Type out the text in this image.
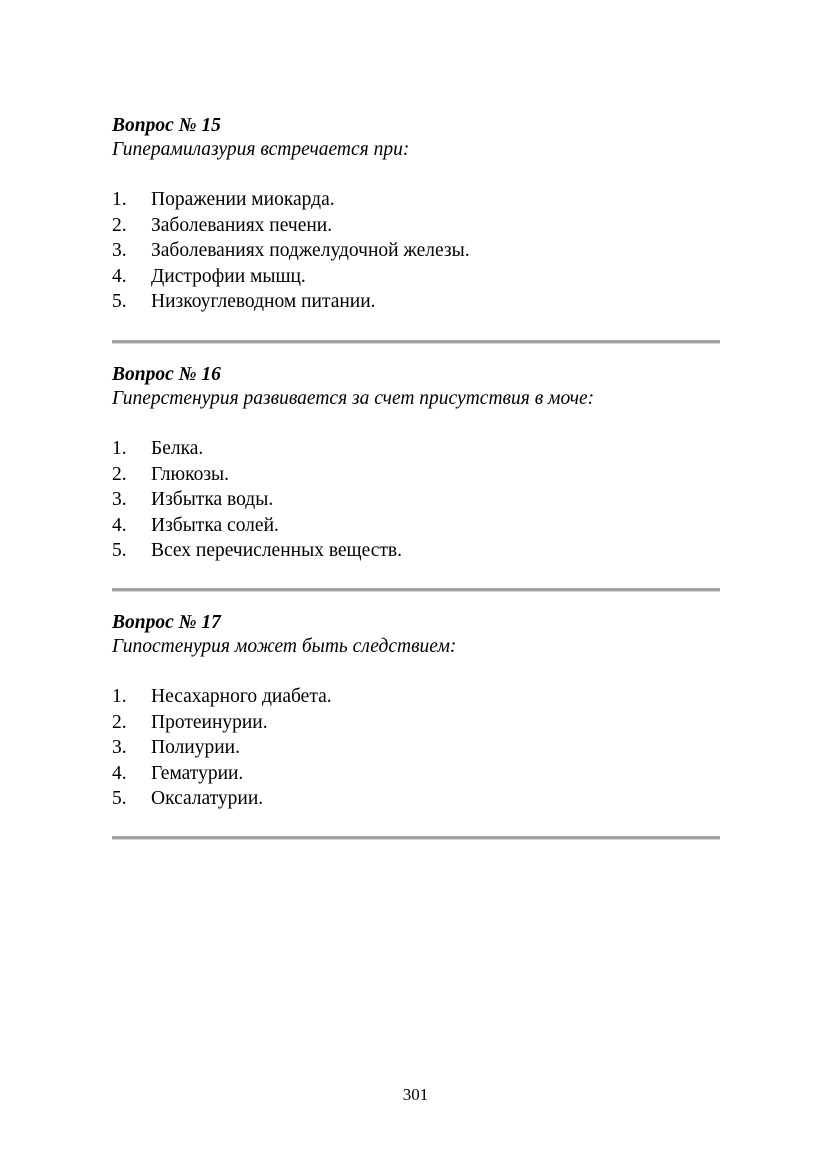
Вопрос № 15

Гиперамилазурия встречается при:

1. Поражении миокарда.
2. Заболеваниях печени.
3. Заболеваниях поджелудочной железы.
4. Дистрофии мышц.
5. Низкоуглеводном питании.

Вопрос № 16

Гиперстенурия развивается за счет присутствия в моче:

1. Белка.
2. Глюкозы.
3. Избытка воды.
4. Избытка солей.
5. Всех перечисленных веществ.

Вопрос № 17

Гипостенурия может быть следствием:

1. Несахарного диабета.
2. Протеинурии.
3. Полиурии.
4. Гематурии.
5. Оксалатурии.
301
